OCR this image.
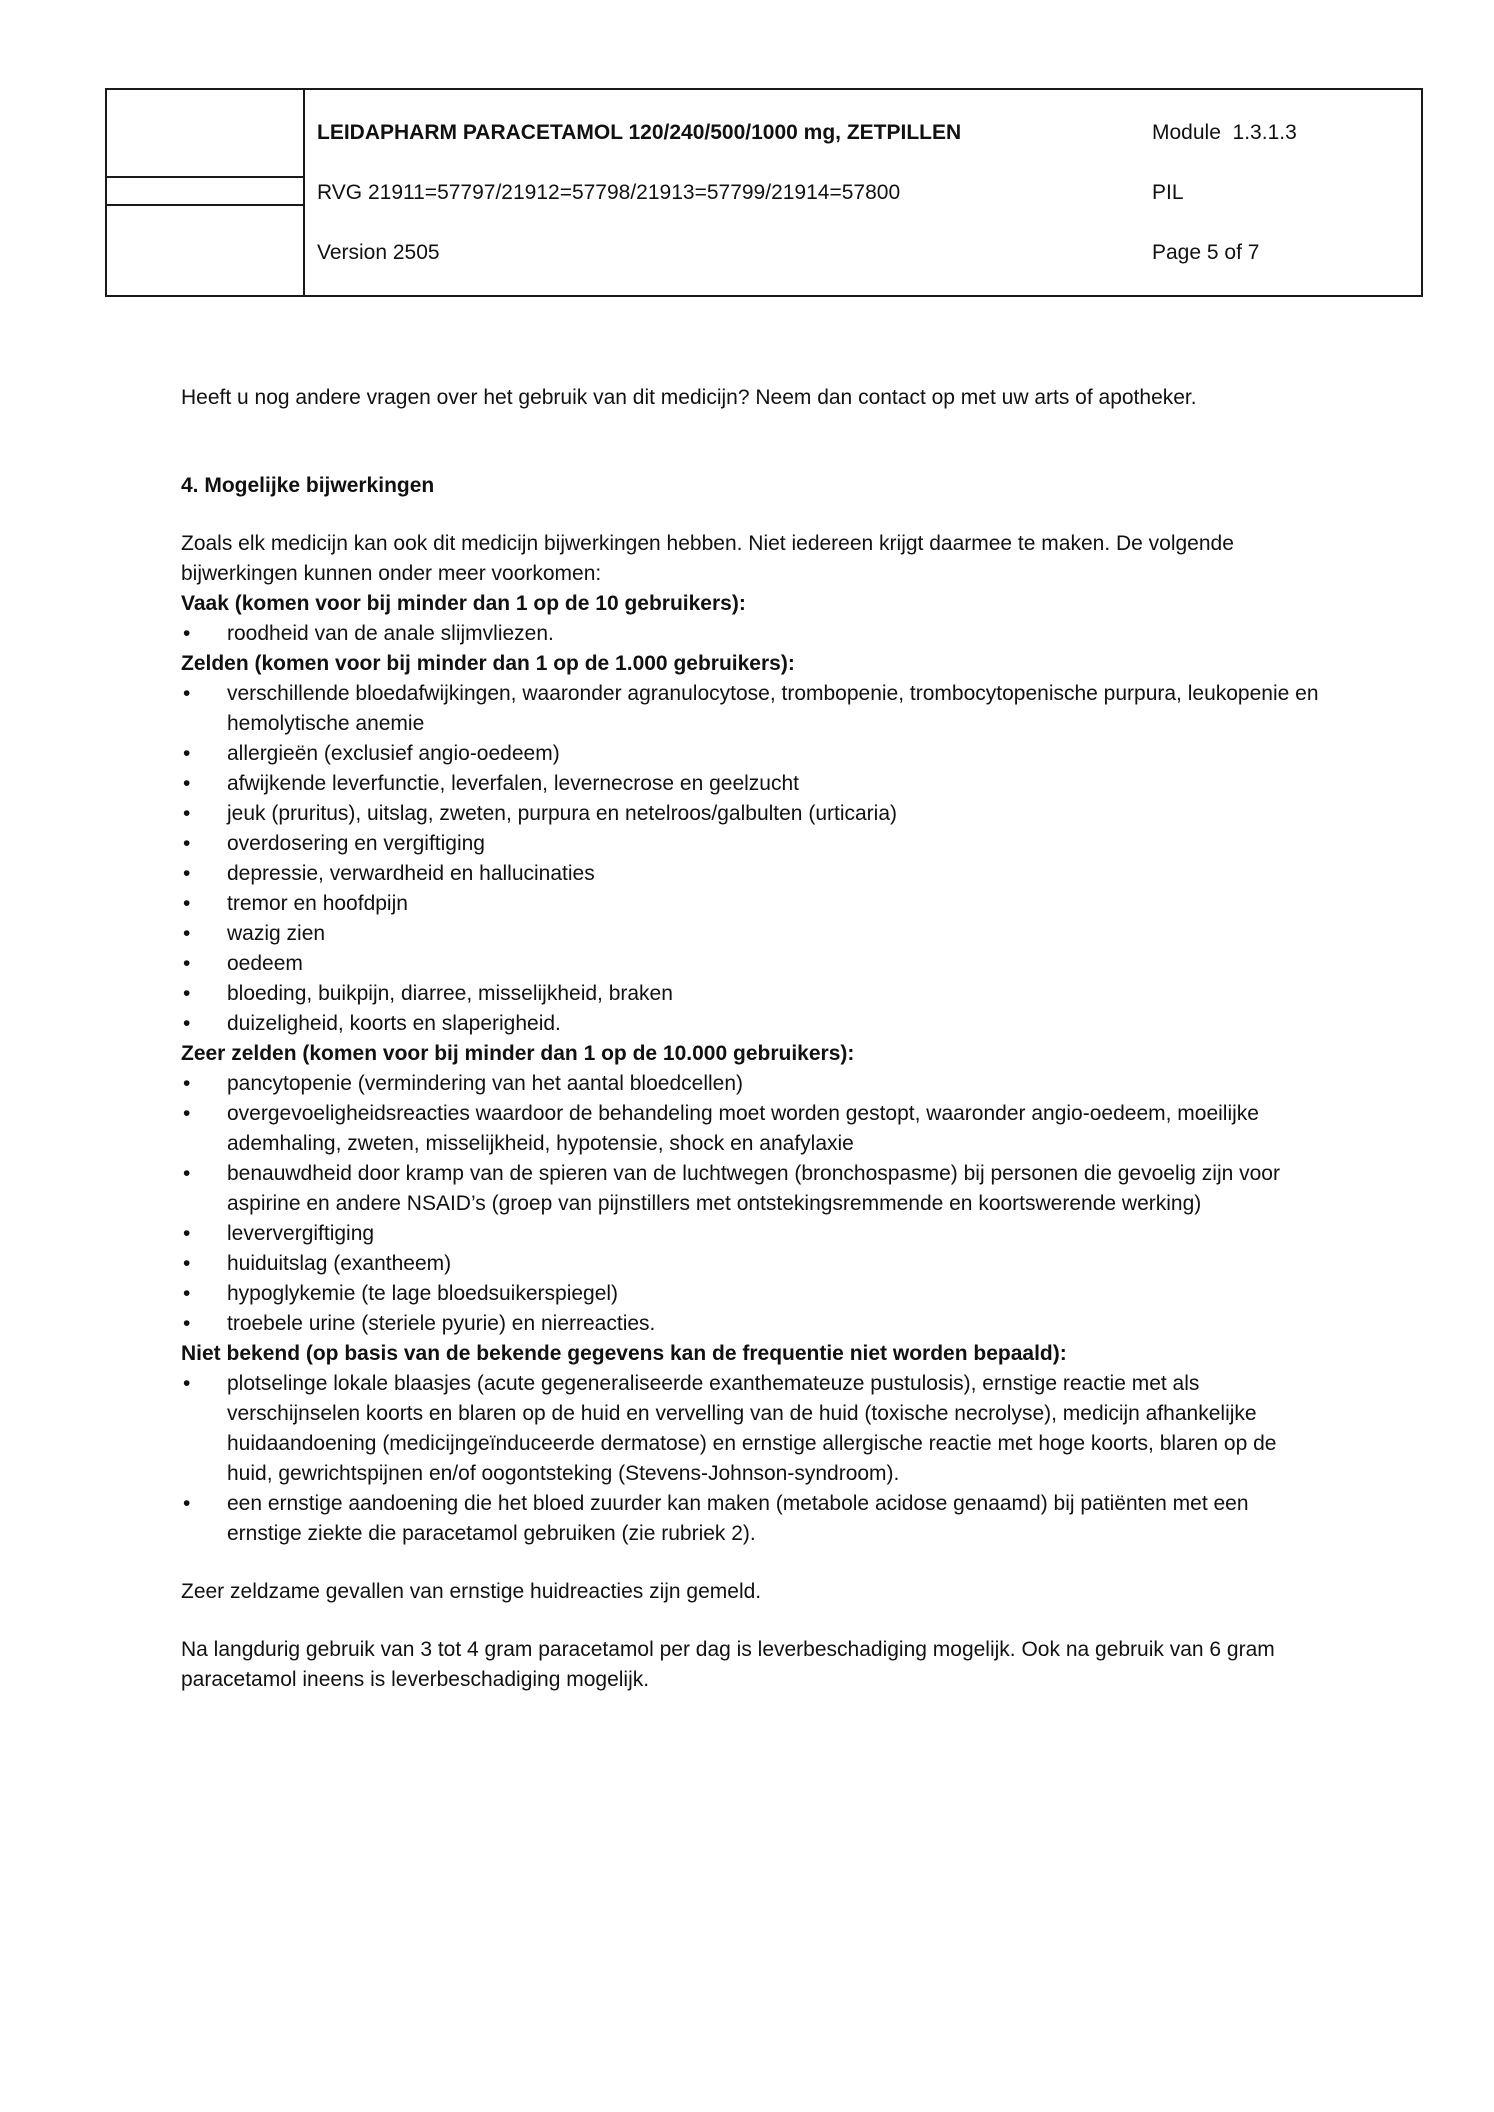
LEIDAPHARM PARACETAMOL 120/240/500/1000 mg, ZETPILLEN	Module  1.3.1.3
RVG 21911=57797/21912=57798/21913=57799/21914=57800	PIL
Version 2505	Page 5 of 7

Heeft u nog andere vragen over het gebruik van dit medicijn? Neem dan contact op met uw arts of apotheker.

4. Mogelijke bijwerkingen

Zoals elk medicijn kan ook dit medicijn bijwerkingen hebben. Niet iedereen krijgt daarmee te maken. De volgende bijwerkingen kunnen onder meer voorkomen:

Vaak (komen voor bij minder dan 1 op de 10 gebruikers):
•	roodheid van de anale slijmvliezen.
Zelden (komen voor bij minder dan 1 op de 1.000 gebruikers):
•	verschillende bloedafwijkingen, waaronder agranulocytose, trombopenie, trombocytopenische purpura, leukopenie en hemolytische anemie
•	allergieën (exclusief angio-oedeem)
•	afwijkende leverfunctie, leverfalen, levernecrose en geelzucht
•	jeuk (pruritus), uitslag, zweten, purpura en netelroos/galbulten (urticaria)
•	overdosering en vergiftiging
•	depressie, verwardheid en hallucinaties
•	tremor en hoofdpijn
•	wazig zien
•	oedeem
•	bloeding, buikpijn, diarree, misselijkheid, braken
•	duizeligheid, koorts en slaperigheid.
Zeer zelden (komen voor bij minder dan 1 op de 10.000 gebruikers):
•	pancytopenie (vermindering van het aantal bloedcellen)
•	overgevoeligheidsreacties waardoor de behandeling moet worden gestopt, waaronder angio-oedeem, moeilijke ademhaling, zweten, misselijkheid, hypotensie, shock en anafylaxie
•	benauwdheid door kramp van de spieren van de luchtwegen (bronchospasme) bij personen die gevoelig zijn voor aspirine en andere NSAID’s (groep van pijnstillers met ontstekingsremmende en koortswerende werking)
•	leververgiftiging
•	huiduitslag (exantheem)
•	hypoglykemie (te lage bloedsuikerspiegel)
•	troebele urine (steriele pyurie) en nierreacties.
Niet bekend (op basis van de bekende gegevens kan de frequentie niet worden bepaald):
•	plotselinge lokale blaasjes (acute gegeneraliseerde exanthemateuze pustulosis), ernstige reactie met als verschijnselen koorts en blaren op de huid en vervelling van de huid (toxische necrolyse), medicijn afhankelijke huidaandoening (medicijngeïnduceerde dermatose) en ernstige allergische reactie met hoge koorts, blaren op de huid, gewrichtspijnen en/of oogontsteking (Stevens-Johnson-syndroom).
•	een ernstige aandoening die het bloed zuurder kan maken (metabole acidose genaamd) bij patiënten met een ernstige ziekte die paracetamol gebruiken (zie rubriek 2).

Zeer zeldzame gevallen van ernstige huidreacties zijn gemeld.

Na langdurig gebruik van 3 tot 4 gram paracetamol per dag is leverbeschadiging mogelijk. Ook na gebruik van 6 gram paracetamol ineens is leverbeschadiging mogelijk.
